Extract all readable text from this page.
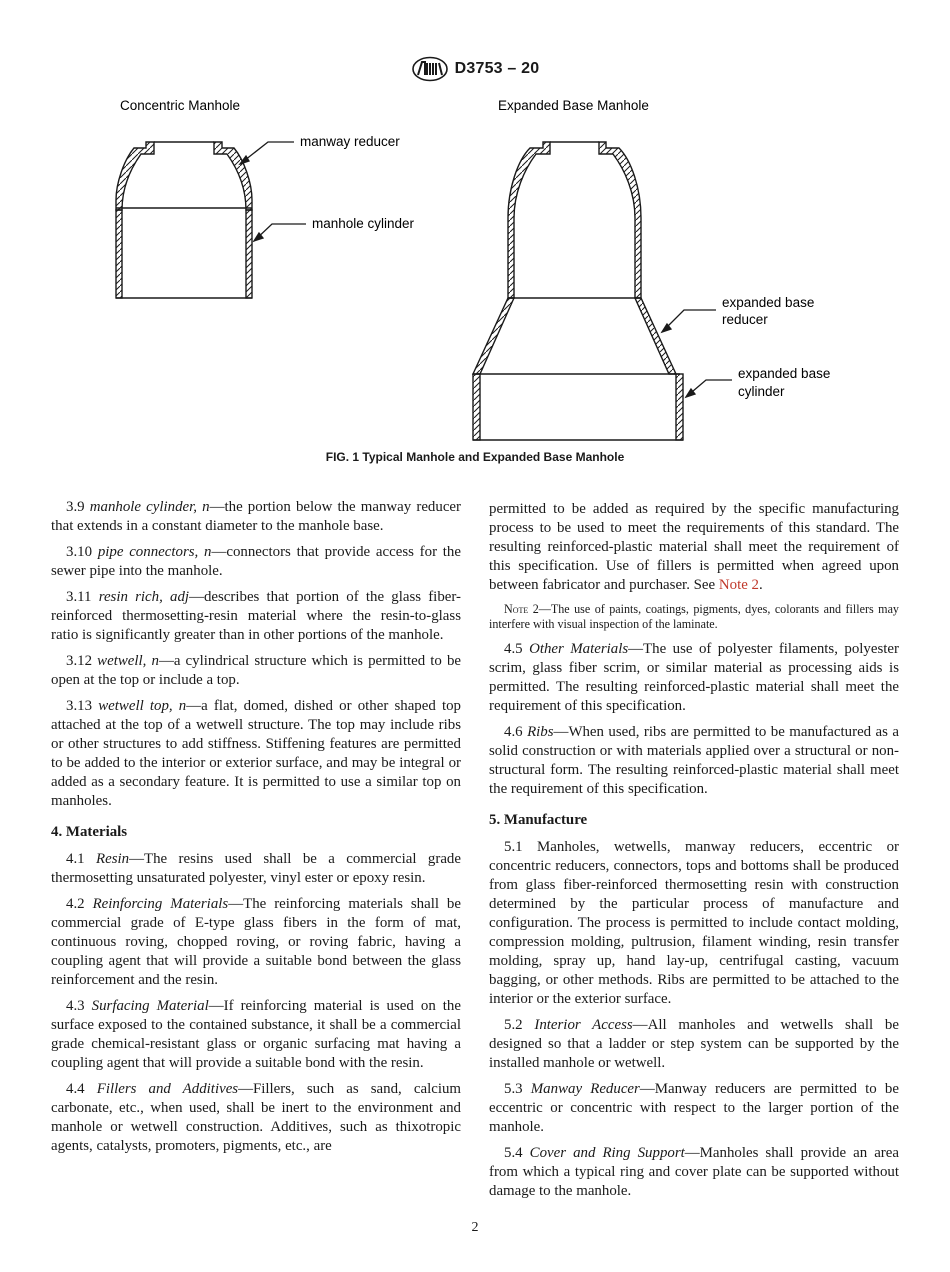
D3753 – 20
Concentric Manhole	Expanded Base Manhole
manway reducer
manhole cylinder
expanded base
reducer
expanded base
cylinder
FIG. 1 Typical Manhole and Expanded Base Manhole

3.9 manhole cylinder, n—the portion below the manway reducer that extends in a constant diameter to the manhole base.

3.10 pipe connectors, n—connectors that provide access for the sewer pipe into the manhole.

3.11 resin rich, adj—describes that portion of the glass fiber-reinforced thermosetting-resin material where the resin-to-glass ratio is significantly greater than in other portions of the manhole.

3.12 wetwell, n—a cylindrical structure which is permitted to be open at the top or include a top.

3.13 wetwell top, n—a flat, domed, dished or other shaped top attached at the top of a wetwell structure. The top may include ribs or other structures to add stiffness. Stiffening features are permitted to be added to the interior or exterior surface, and may be integral or added as a secondary feature. It is permitted to use a similar top on manholes.

4. Materials

4.1 Resin—The resins used shall be a commercial grade thermosetting unsaturated polyester, vinyl ester or epoxy resin.

4.2 Reinforcing Materials—The reinforcing materials shall be commercial grade of E-type glass fibers in the form of mat, continuous roving, chopped roving, or roving fabric, having a coupling agent that will provide a suitable bond between the glass reinforcement and the resin.

4.3 Surfacing Material—If reinforcing material is used on the surface exposed to the contained substance, it shall be a commercial grade chemical-resistant glass or organic surfacing mat having a coupling agent that will provide a suitable bond with the resin.

4.4 Fillers and Additives—Fillers, such as sand, calcium carbonate, etc., when used, shall be inert to the environment and manhole or wetwell construction. Additives, such as thixotropic agents, catalysts, promoters, pigments, etc., are

permitted to be added as required by the specific manufacturing process to be used to meet the requirements of this standard. The resulting reinforced-plastic material shall meet the requirement of this specification. Use of fillers is permitted when agreed upon between fabricator and purchaser. See Note 2.

Note 2—The use of paints, coatings, pigments, dyes, colorants and fillers may interfere with visual inspection of the laminate.

4.5 Other Materials—The use of polyester filaments, polyester scrim, glass fiber scrim, or similar material as processing aids is permitted. The resulting reinforced-plastic material shall meet the requirement of this specification.

4.6 Ribs—When used, ribs are permitted to be manufactured as a solid construction or with materials applied over a structural or non-structural form. The resulting reinforced-plastic material shall meet the requirement of this specification.

5. Manufacture

5.1 Manholes, wetwells, manway reducers, eccentric or concentric reducers, connectors, tops and bottoms shall be produced from glass fiber-reinforced thermosetting resin with construction determined by the particular process of manufacture and configuration. The process is permitted to include contact molding, compression molding, pultrusion, filament winding, resin transfer molding, spray up, hand lay-up, centrifugal casting, vacuum bagging, or other methods. Ribs are permitted to be attached to the interior or the exterior surface.

5.2 Interior Access—All manholes and wetwells shall be designed so that a ladder or step system can be supported by the installed manhole or wetwell.

5.3 Manway Reducer—Manway reducers are permitted to be eccentric or concentric with respect to the larger portion of the manhole.

5.4 Cover and Ring Support—Manholes shall provide an area from which a typical ring and cover plate can be supported without damage to the manhole.

2
